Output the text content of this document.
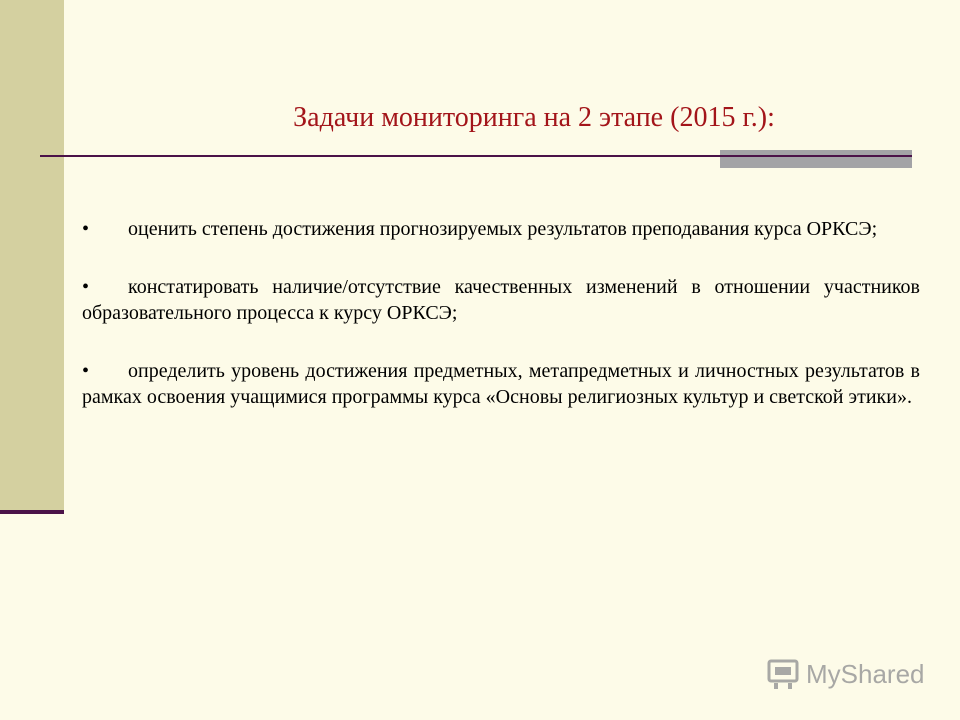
Задачи мониторинга на 2 этапе (2015 г.):
• оценить степень достижения прогнозируемых результатов преподавания курса ОРКСЭ;
• констатировать наличие/отсутствие качественных изменений в отношении участников образовательного процесса к курсу ОРКСЭ;
• определить уровень достижения предметных, метапредметных и личностных результатов в рамках освоения учащимися программы курса «Основы религиозных культур и светской этики».
MyShared
